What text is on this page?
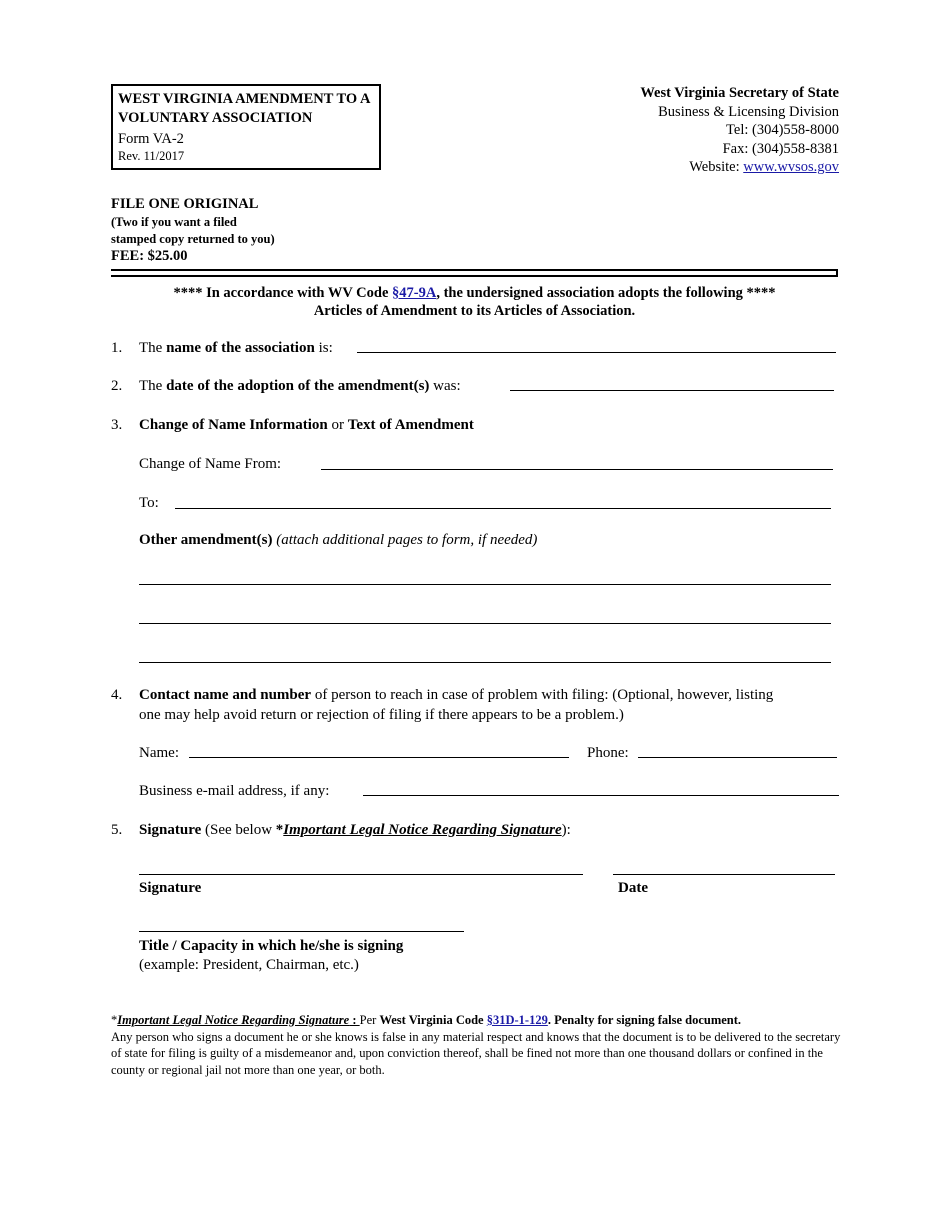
WEST VIRGINIA AMENDMENT TO A VOLUNTARY ASSOCIATION
Form VA-2
Rev. 11/2017
West Virginia Secretary of State
Business & Licensing Division
Tel: (304)558-8000
Fax: (304)558-8381
Website: www.wvsos.gov
FILE ONE ORIGINAL
(Two if you want a filed
stamped copy returned to you)
FEE: $25.00
**** In accordance with WV Code §47-9A, the undersigned association adopts the following ****
Articles of Amendment to its Articles of Association.
1. The name of the association is:
2. The date of the adoption of the amendment(s) was:
3. Change of Name Information or Text of Amendment
Change of Name From:
To:
Other amendment(s) (attach additional pages to form, if needed)
4. Contact name and number of person to reach in case of problem with filing: (Optional, however, listing
one may help avoid return or rejection of filing if there appears to be a problem.)
Name:	Phone:
Business e-mail address, if any:
5. Signature (See below *Important Legal Notice Regarding Signature):
Signature	Date
Title / Capacity in which he/she is signing
(example: President, Chairman, etc.)
*Important Legal Notice Regarding Signature : Per West Virginia Code §31D-1-129. Penalty for signing false document.
Any person who signs a document he or she knows is false in any material respect and knows that the document is to be delivered to the secretary of state for filing is guilty of a misdemeanor and, upon conviction thereof, shall be fined not more than one thousand dollars or confined in the county or regional jail not more than one year, or both.
